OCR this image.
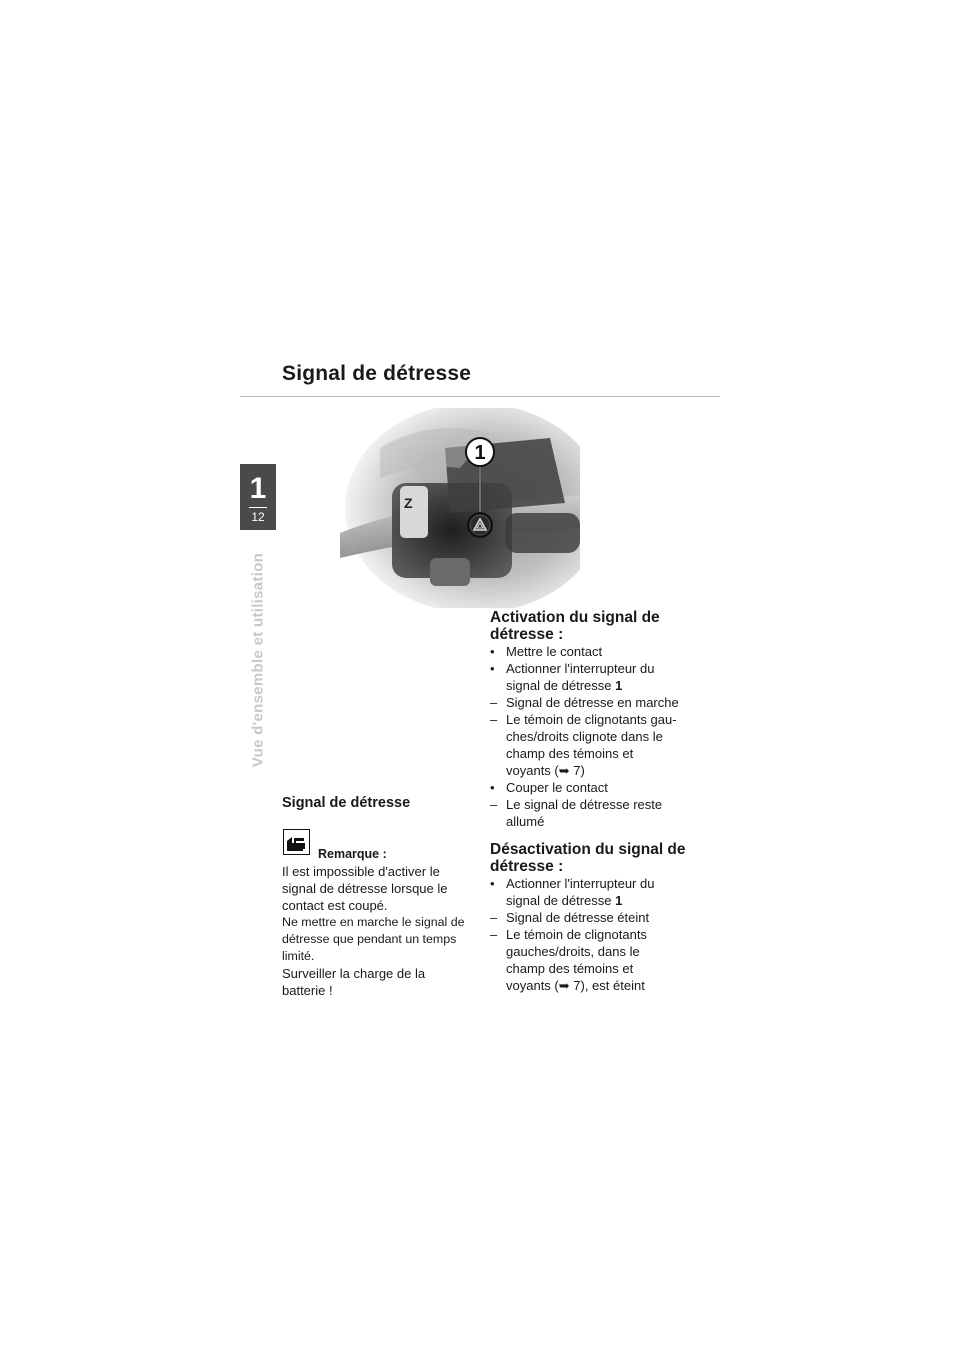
Signal de détresse
1
12
Vue d'ensemble et utilisation
Z
1
Signal de détresse
Remarque :
Il est impossible d'activer le
signal de détresse lorsque le
contact est coupé.
Ne mettre en marche le signal de
détresse que pendant un temps
limité.
Surveiller la charge de la
batterie !
Activation du signal de
détresse :
• Mettre le contact
• Actionner l'interrupteur du
signal de détresse 1
– Signal de détresse en marche
– Le témoin de clignotants gau-
ches/droits clignote dans le
champ des témoins et
voyants (➥ 7)
• Couper le contact
– Le signal de détresse reste
allumé
Désactivation du signal de
détresse :
• Actionner l'interrupteur du
signal de détresse 1
– Signal de détresse éteint
– Le témoin de clignotants
gauches/droits, dans le
champ des témoins et
voyants (➥ 7), est éteint
